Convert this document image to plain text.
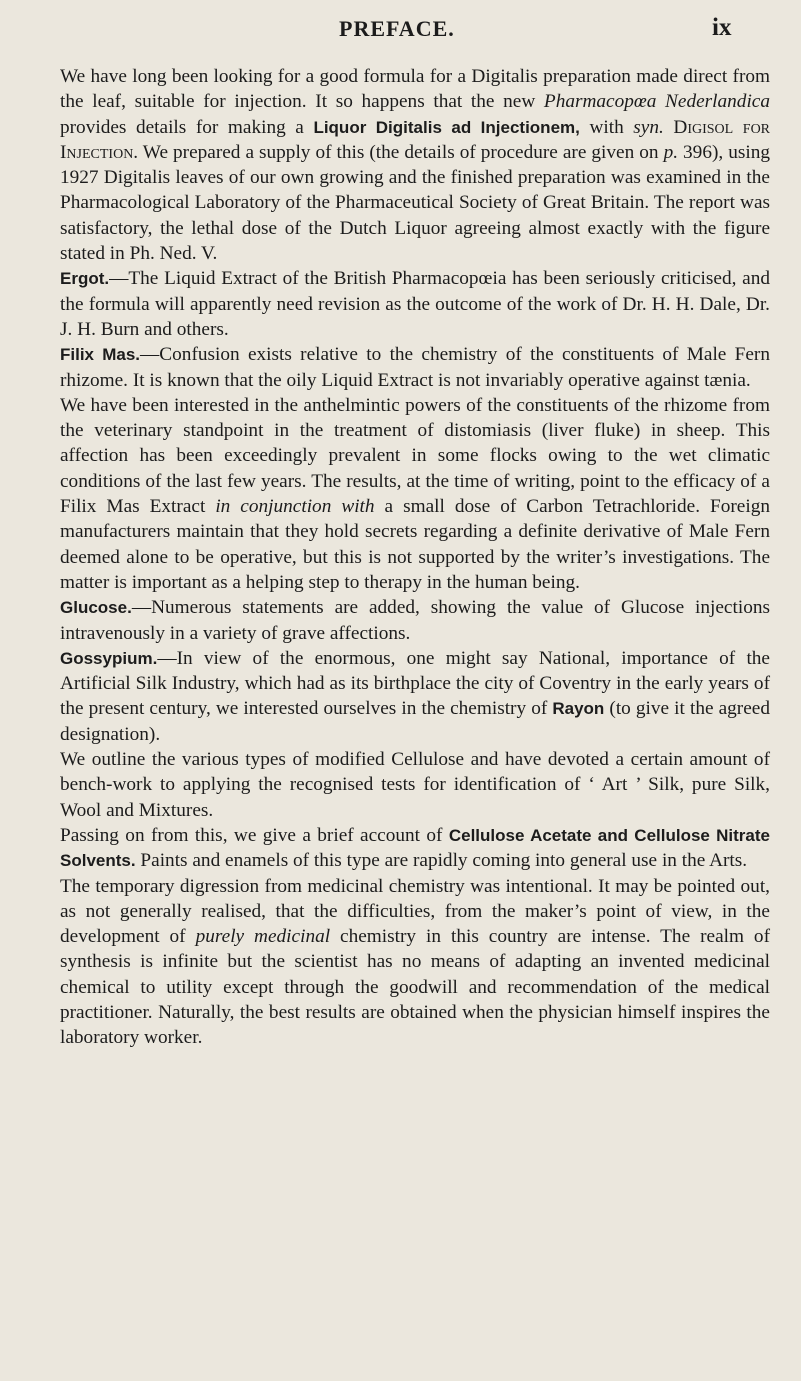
PREFACE.	ix

We have long been looking for a good formula for a Digitalis preparation made direct from the leaf, suitable for injection. It so happens that the new Pharmacopœa Nederlandica provides details for making a Liquor Digitalis ad Injectionem, with syn. Digisol for Injection. We prepared a supply of this (the details of procedure are given on p. 396), using 1927 Digitalis leaves of our own growing and the finished preparation was examined in the Pharmacological Laboratory of the Pharmaceutical Society of Great Britain. The report was satisfactory, the lethal dose of the Dutch Liquor agreeing almost exactly with the figure stated in Ph. Ned. V.

Ergot.—The Liquid Extract of the British Pharmacopœia has been seriously criticised, and the formula will apparently need revision as the outcome of the work of Dr. H. H. Dale, Dr. J. H. Burn and others.

Filix Mas.—Confusion exists relative to the chemistry of the constituents of Male Fern rhizome. It is known that the oily Liquid Extract is not invariably operative against tænia.

We have been interested in the anthelmintic powers of the constituents of the rhizome from the veterinary standpoint in the treatment of distomiasis (liver fluke) in sheep. This affection has been exceedingly prevalent in some flocks owing to the wet climatic conditions of the last few years. The results, at the time of writing, point to the efficacy of a Filix Mas Extract in conjunction with a small dose of Carbon Tetrachloride. Foreign manufacturers maintain that they hold secrets regarding a definite derivative of Male Fern deemed alone to be operative, but this is not supported by the writer’s investigations. The matter is important as a helping step to therapy in the human being.

Glucose.—Numerous statements are added, showing the value of Glucose injections intravenously in a variety of grave affections.

Gossypium.—In view of the enormous, one might say National, importance of the Artificial Silk Industry, which had as its birthplace the city of Coventry in the early years of the present century, we interested ourselves in the chemistry of Rayon (to give it the agreed designation).

We outline the various types of modified Cellulose and have devoted a certain amount of bench-work to applying the recognised tests for identification of ‘ Art ’ Silk, pure Silk, Wool and Mixtures.

Passing on from this, we give a brief account of Cellulose Acetate and Cellulose Nitrate Solvents. Paints and enamels of this type are rapidly coming into general use in the Arts.

The temporary digression from medicinal chemistry was intentional. It may be pointed out, as not generally realised, that the difficulties, from the maker’s point of view, in the development of purely medicinal chemistry in this country are intense. The realm of synthesis is infinite but the scientist has no means of adapting an invented medicinal chemical to utility except through the goodwill and recommendation of the medical practitioner. Naturally, the best results are obtained when the physician himself inspires the laboratory worker.
